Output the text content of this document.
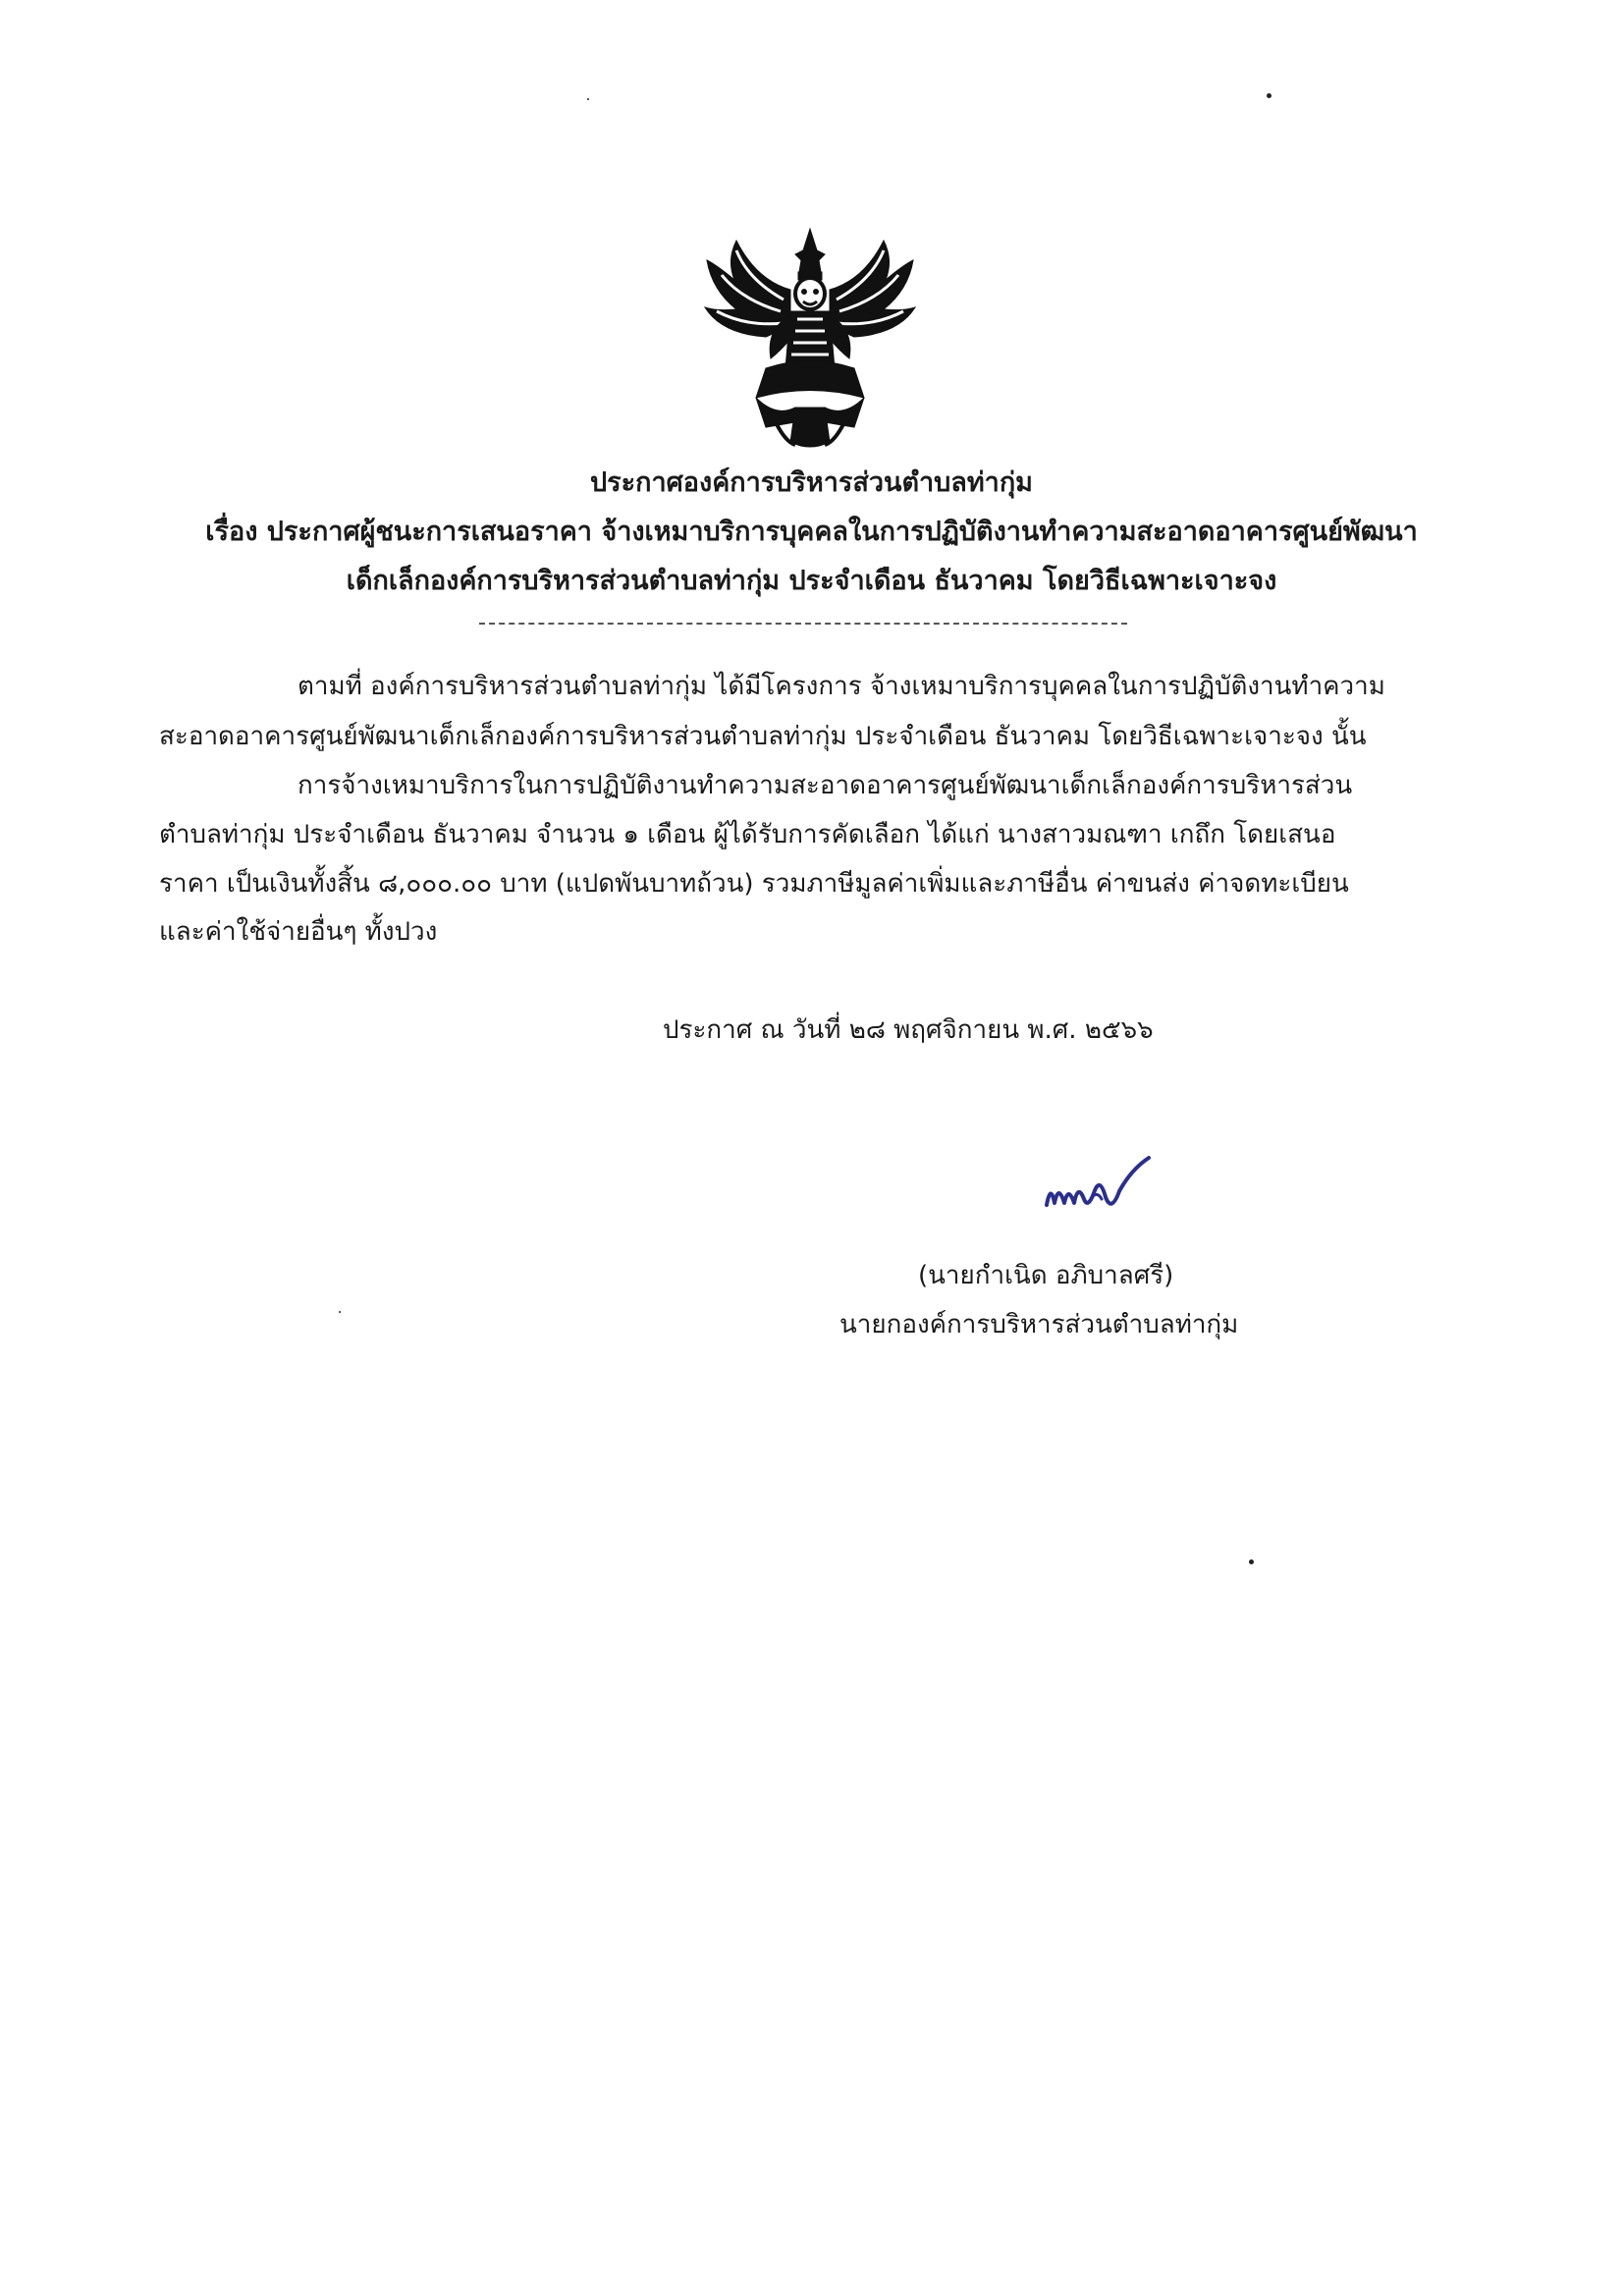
ประกาศองค์การบริหารส่วนตำบลท่ากุ่ม
เรื่อง ประกาศผู้ชนะการเสนอราคา จ้างเหมาบริการบุคคลในการปฏิบัติงานทำความสะอาดอาคารศูนย์พัฒนา
เด็กเล็กองค์การบริหารส่วนตำบลท่ากุ่ม ประจำเดือน ธันวาคม โดยวิธีเฉพาะเจาะจง
ตามที่ องค์การบริหารส่วนตำบลท่ากุ่ม ได้มีโครงการ จ้างเหมาบริการบุคคลในการปฏิบัติงานทำความ
สะอาดอาคารศูนย์พัฒนาเด็กเล็กองค์การบริหารส่วนตำบลท่ากุ่ม ประจำเดือน ธันวาคม โดยวิธีเฉพาะเจาะจง นั้น
การจ้างเหมาบริการในการปฏิบัติงานทำความสะอาดอาคารศูนย์พัฒนาเด็กเล็กองค์การบริหารส่วน
ตำบลท่ากุ่ม ประจำเดือน ธันวาคม จำนวน ๑ เดือน ผู้ได้รับการคัดเลือก ได้แก่ นางสาวมณฑา เกถึก โดยเสนอ
ราคา เป็นเงินทั้งสิ้น ๘,๐๐๐.๐๐ บาท (แปดพันบาทถ้วน) รวมภาษีมูลค่าเพิ่มและภาษีอื่น ค่าขนส่ง ค่าจดทะเบียน
และค่าใช้จ่ายอื่นๆ ทั้งปวง
ประกาศ ณ วันที่ ๒๘ พฤศจิกายน พ.ศ. ๒๕๖๖
(นายกำเนิด อภิบาลศรี)
นายกองค์การบริหารส่วนตำบลท่ากุ่ม
